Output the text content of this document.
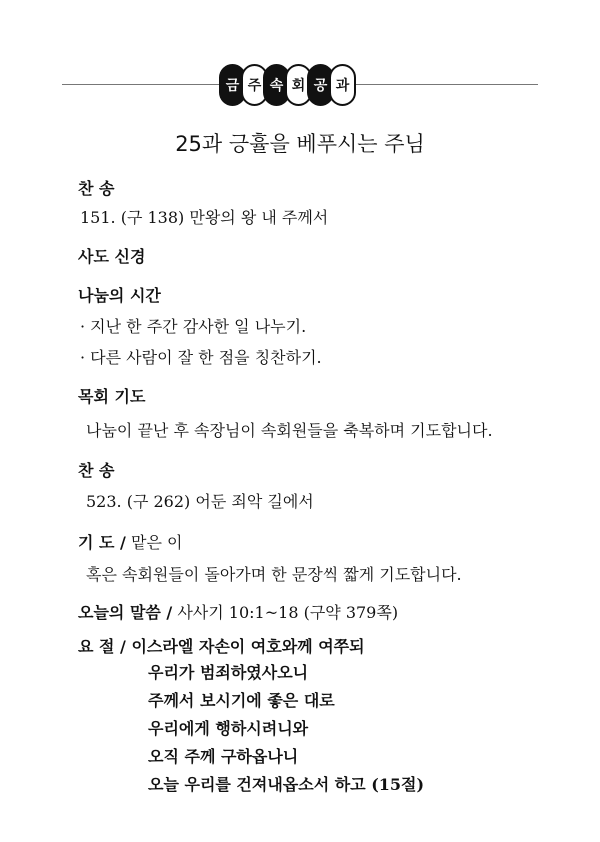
금 주 속 회 공 과
25과 긍휼을 베푸시는 주님
찬 송
151. (구 138) 만왕의 왕 내 주께서
사도 신경
나눔의 시간
· 지난 한 주간 감사한 일 나누기.
· 다른 사람이 잘 한 점을 칭찬하기.
목회 기도
나눔이 끝난 후 속장님이 속회원들을 축복하며 기도합니다.
찬 송
523. (구 262) 어둔 죄악 길에서
기 도 / 맡은 이
혹은 속회원들이 돌아가며 한 문장씩 짧게 기도합니다.
오늘의 말씀 / 사사기 10:1~18 (구약 379쪽)
요 절 / 이스라엘 자손이 여호와께 여쭈되
우리가 범죄하였사오니
주께서 보시기에 좋은 대로
우리에게 행하시려니와
오직 주께 구하옵나니
오늘 우리를 건져내옵소서 하고 (15절)
